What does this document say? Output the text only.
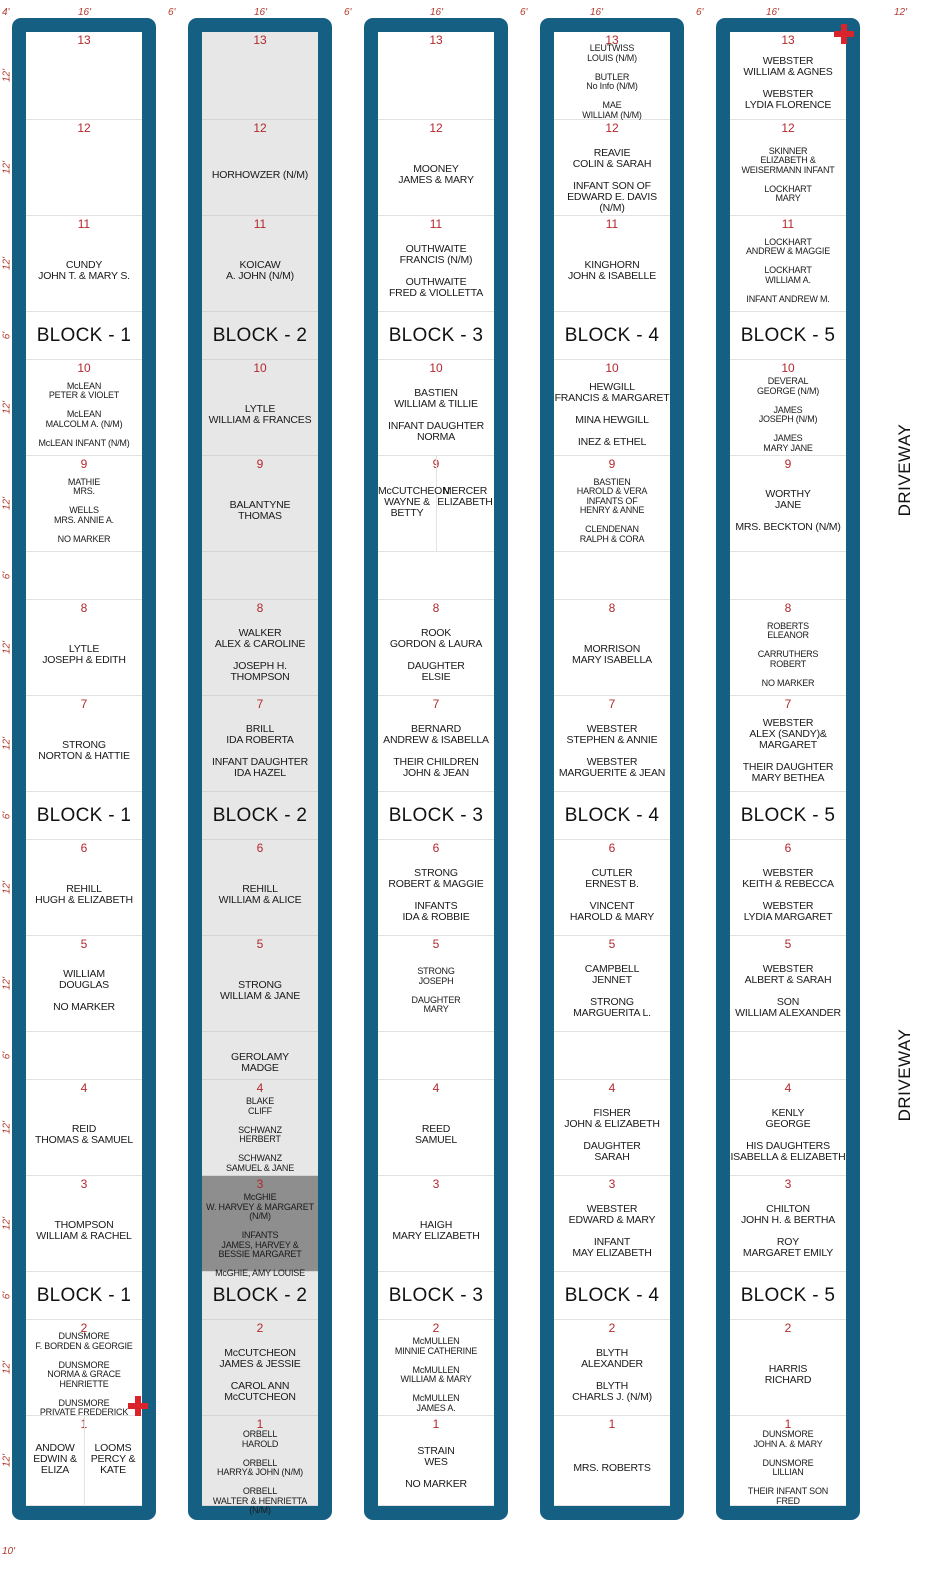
4'	16'	6'	16'	6'	16'	6'	16'	6'	16'	12'
10'
12'
12'
12'
6'
12'
12'
6'
12'
12'
6'
12'
12'
6'
12'
12'
6'
12'
12'
13
12
11
CUNDY
JOHN T. & MARY S.
BLOCK - 1
10
McLEAN
PETER & VIOLET

McLEAN
MALCOLM A. (N/M)

McLEAN INFANT (N/M)
9
MATHIE
MRS.

WELLS
MRS. ANNIE A.

NO MARKER
8
LYTLE
JOSEPH & EDITH
7
STRONG
NORTON & HATTIE
BLOCK - 1
6
REHILL
HUGH & ELIZABETH
5
WILLIAM
DOUGLAS

NO MARKER
4
REID
THOMAS & SAMUEL
3
THOMPSON
WILLIAM & RACHEL
BLOCK - 1
2
DUNSMORE
F. BORDEN & GEORGIE

DUNSMORE
NORMA & GRACE
HENRIETTE

DUNSMORE
PRIVATE FREDERICK
1
ANDOW
EDWIN &
ELIZA
LOOMS
PERCY &
KATE
13
12
HORHOWZER (N/M)
11
KOICAW
A. JOHN (N/M)
BLOCK - 2
10
LYTLE
WILLIAM & FRANCES
9
BALANTYNE
THOMAS
8
WALKER
ALEX & CAROLINE

JOSEPH H.
THOMPSON
7
BRILL
IDA ROBERTA

INFANT DAUGHTER
IDA HAZEL
BLOCK - 2
6
REHILL
WILLIAM & ALICE
5
STRONG
WILLIAM & JANE
GEROLAMY
MADGE
4
BLAKE
CLIFF

SCHWANZ
HERBERT

SCHWANZ
SAMUEL & JANE
3
McGHIE
W. HARVEY & MARGARET (N/M)

INFANTS
JAMES, HARVEY &
BESSIE MARGARET

McGHIE, AMY LOUISE
BLOCK - 2
2
McCUTCHEON
JAMES & JESSIE

CAROL ANN
McCUTCHEON
1
ORBELL
HAROLD

ORBELL
HARRY& JOHN (N/M)

ORBELL
WALTER & HENRIETTA (N/M)
13
12
MOONEY
JAMES & MARY
11
OUTHWAITE
FRANCIS (N/M)

OUTHWAITE
FRED & VIOLLETTA
BLOCK - 3
10
BASTIEN
WILLIAM & TILLIE

INFANT DAUGHTER
NORMA
9
McCUTCHEON
WAYNE &
BETTY
MERCER
ELIZABETH
8
ROOK
GORDON & LAURA

DAUGHTER
ELSIE
7
BERNARD
ANDREW & ISABELLA

THEIR CHILDREN
JOHN & JEAN
BLOCK - 3
6
STRONG
ROBERT & MAGGIE

INFANTS
IDA & ROBBIE
5
STRONG
JOSEPH

DAUGHTER
MARY
4
REED
SAMUEL
3
HAIGH
MARY ELIZABETH
BLOCK - 3
2
McMULLEN
MINNIE CATHERINE

McMULLEN
WILLIAM & MARY

McMULLEN
JAMES A.
1
STRAIN
WES

NO MARKER
13
LEUTWISS
LOUIS (N/M)

BUTLER
No Info (N/M)

MAE
WILLIAM (N/M)
12
REAVIE
COLIN & SARAH

INFANT SON OF
EDWARD E. DAVIS (N/M)
11
KINGHORN
JOHN & ISABELLE
BLOCK - 4
10
HEWGILL
FRANCIS & MARGARET

MINA HEWGILL

INEZ & ETHEL
9
BASTIEN
HAROLD & VERA
INFANTS OF
HENRY & ANNE

CLENDENAN
RALPH & CORA
8
MORRISON
MARY ISABELLA
7
WEBSTER
STEPHEN & ANNIE

WEBSTER
MARGUERITE & JEAN
BLOCK - 4
6
CUTLER
ERNEST B.

VINCENT
HAROLD & MARY
5
CAMPBELL
JENNET

STRONG
MARGUERITA L.
4
FISHER
JOHN & ELIZABETH

DAUGHTER
SARAH
3
WEBSTER
EDWARD & MARY

INFANT
MAY ELIZABETH
BLOCK - 4
2
BLYTH
ALEXANDER

BLYTH
CHARLS J. (N/M)
1
MRS. ROBERTS
13
WEBSTER
WILLIAM & AGNES

WEBSTER
LYDIA FLORENCE
12
SKINNER
ELIZABETH &
WEISERMANN INFANT

LOCKHART
MARY
11
LOCKHART
ANDREW & MAGGIE

LOCKHART
WILLIAM A.

INFANT ANDREW M.
BLOCK - 5
10
DEVERAL
GEORGE (N/M)

JAMES
JOSEPH (N/M)

JAMES
MARY JANE
9
WORTHY
JANE

MRS. BECKTON (N/M)
8
ROBERTS
ELEANOR

CARRUTHERS
ROBERT

NO MARKER
7
WEBSTER
ALEX (SANDY)&
MARGARET

THEIR DAUGHTER
MARY BETHEA
BLOCK - 5
6
WEBSTER
KEITH & REBECCA

WEBSTER
LYDIA MARGARET
5
WEBSTER
ALBERT & SARAH

SON
WILLIAM ALEXANDER
4
KENLY
GEORGE

HIS DAUGHTERS
ISABELLA & ELIZABETH
3
CHILTON
JOHN H. & BERTHA

ROY
MARGARET EMILY
BLOCK - 5
2
HARRIS
RICHARD
1
DUNSMORE
JOHN A. & MARY

DUNSMORE
LILLIAN

THEIR INFANT SON
FRED
DRIVEWAY
DRIVEWAY
